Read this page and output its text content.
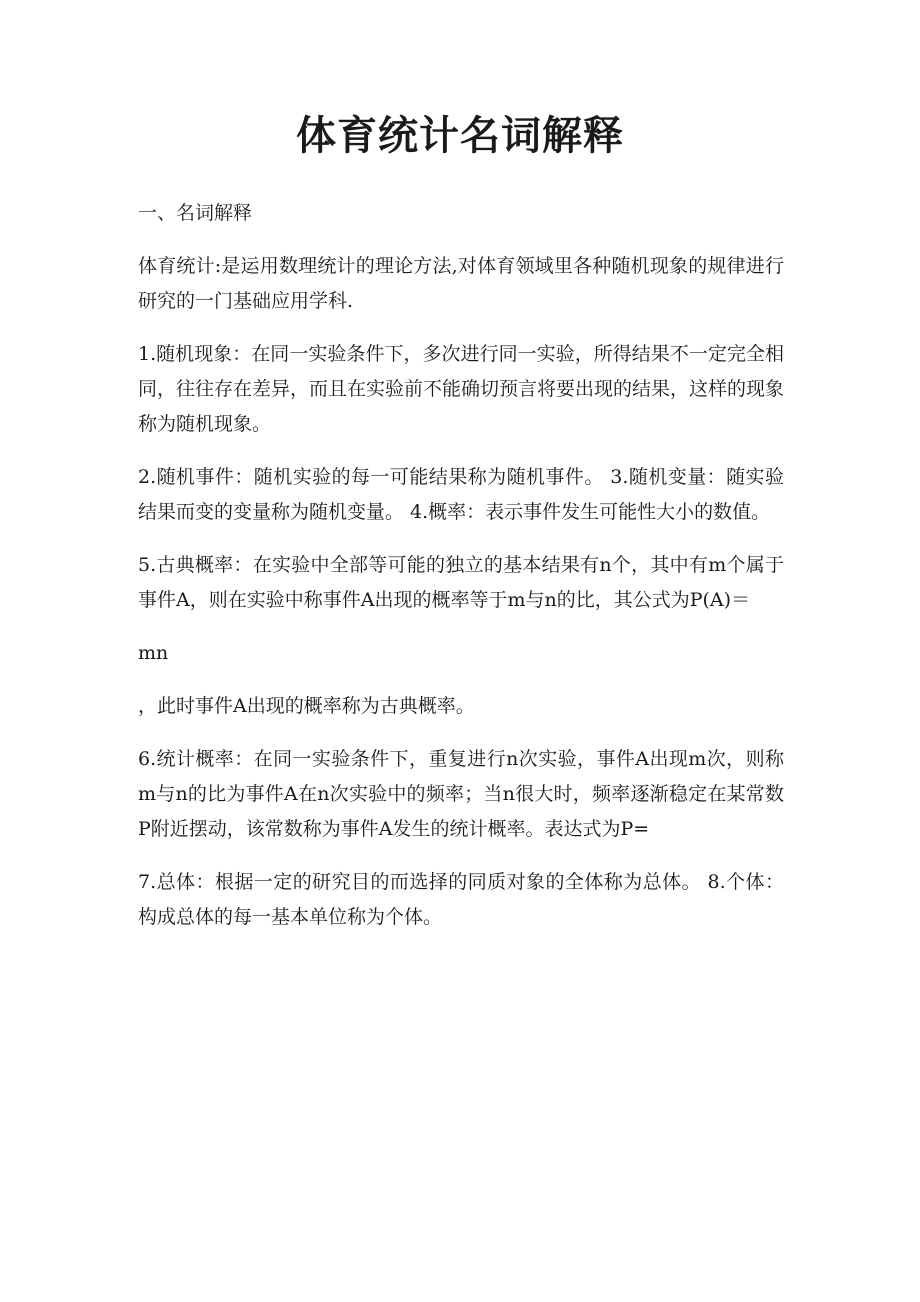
体育统计名词解释

一、名词解释

体育统计:是运用数理统计的理论方法,对体育领域里各种随机现象的规律进行研究的一门基础应用学科.

1.随机现象：在同一实验条件下，多次进行同一实验，所得结果不一定完全相同，往往存在差异，而且在实验前不能确切预言将要出现的结果，这样的现象称为随机现象。

2.随机事件：随机实验的每一可能结果称为随机事件。 3.随机变量：随实验结果而变的变量称为随机变量。 4.概率：表示事件发生可能性大小的数值。

5.古典概率：在实验中全部等可能的独立的基本结果有n个，其中有m个属于事件A，则在实验中称事件A出现的概率等于m与n的比，其公式为P(A)＝

mn

，此时事件A出现的概率称为古典概率。

6.统计概率：在同一实验条件下，重复进行n次实验，事件A出现m次，则称m与n的比为事件A在n次实验中的频率；当n很大时，频率逐渐稳定在某常数P附近摆动，该常数称为事件A发生的统计概率。表达式为P=

7.总体：根据一定的研究目的而选择的同质对象的全体称为总体。 8.个体：构成总体的每一基本单位称为个体。
